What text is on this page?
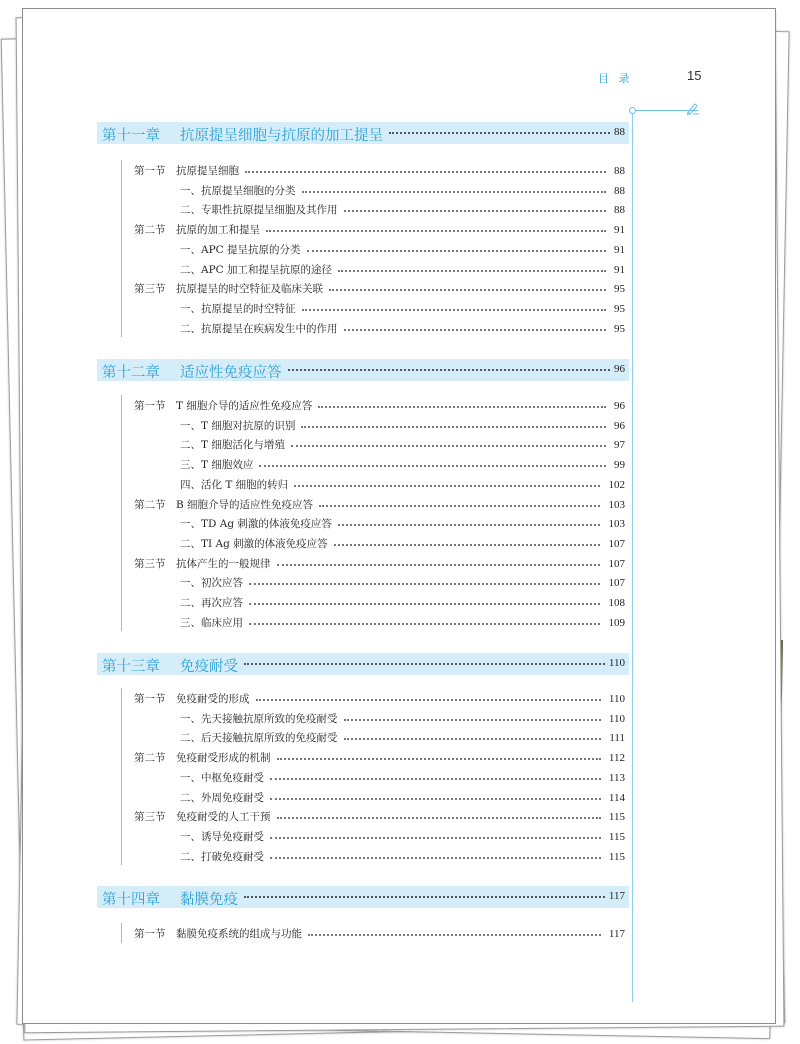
目 录	15
第十一章 抗原提呈细胞与抗原的加工提呈	88
第一节 抗原提呈细胞	88
一、抗原提呈细胞的分类	88
二、专职性抗原提呈细胞及其作用	88
第二节 抗原的加工和提呈	91
一、APC 提呈抗原的分类	91
二、APC 加工和提呈抗原的途径	91
第三节 抗原提呈的时空特征及临床关联	95
一、抗原提呈的时空特征	95
二、抗原提呈在疾病发生中的作用	95
第十二章 适应性免疫应答	96
第一节 T 细胞介导的适应性免疫应答	96
一、T 细胞对抗原的识别	96
二、T 细胞活化与增殖	97
三、T 细胞效应	99
四、活化 T 细胞的转归	102
第二节 B 细胞介导的适应性免疫应答	103
一、TD Ag 刺激的体液免疫应答	103
二、TI Ag 刺激的体液免疫应答	107
第三节 抗体产生的一般规律	107
一、初次应答	107
二、再次应答	108
三、临床应用	109
第十三章 免疫耐受	110
第一节 免疫耐受的形成	110
一、先天接触抗原所致的免疫耐受	110
二、后天接触抗原所致的免疫耐受	111
第二节 免疫耐受形成的机制	112
一、中枢免疫耐受	113
二、外周免疫耐受	114
第三节 免疫耐受的人工干预	115
一、诱导免疫耐受	115
二、打破免疫耐受	115
第十四章 黏膜免疫	117
第一节 黏膜免疫系统的组成与功能	117
